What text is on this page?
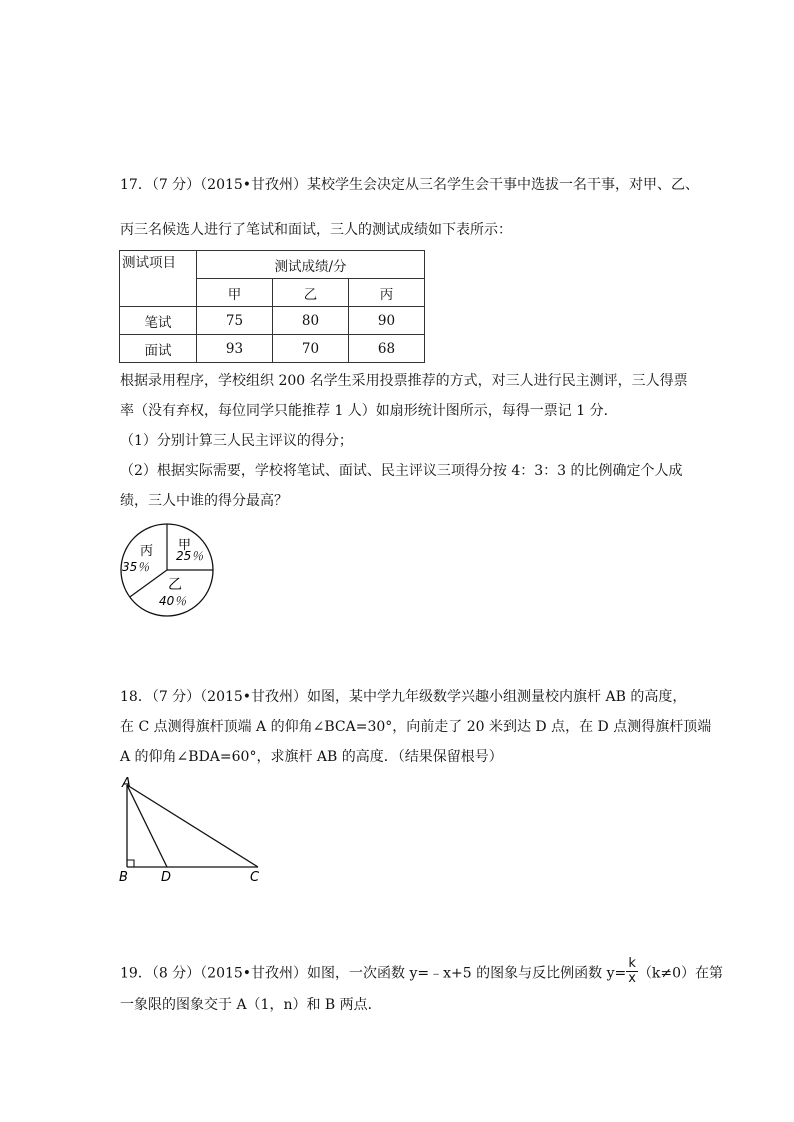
17．（7 分）（2015•甘孜州）某校学生会决定从三名学生会干事中选拔一名干事，对甲、乙、
丙三名候选人进行了笔试和面试，三人的测试成绩如下表所示：
测试项目	测试成绩/分		
	甲	乙	丙
笔试	75	80	90
面试	93	70	68
根据录用程序，学校组织 200 名学生采用投票推荐的方式，对三人进行民主测评，三人得票
率（没有弃权，每位同学只能推荐 1 人）如扇形统计图所示，每得一票记 1 分．
（1）分别计算三人民主评议的得分；
（2）根据实际需要，学校将笔试、面试、民主评议三项得分按 4：3：3 的比例确定个人成
绩，三人中谁的得分最高？
甲
25％
丙
35％
乙
40％
18．（7 分）（2015•甘孜州）如图，某中学九年级数学兴趣小组测量校内旗杆 AB 的高度，
在 C 点测得旗杆顶端 A 的仰角∠BCA=30°，向前走了 20 米到达 D 点，在 D 点测得旗杆顶端
A 的仰角∠BDA=60°，求旗杆 AB 的高度．（结果保留根号）
A
B	D	C
19．（8 分）（2015•甘孜州）如图，一次函数 y=﹣x+5 的图象与反比例函数 $y= \frac{k}{x} (k\ne 0)$在第
一象限的图象交于 A（1，n）和 B 两点．
